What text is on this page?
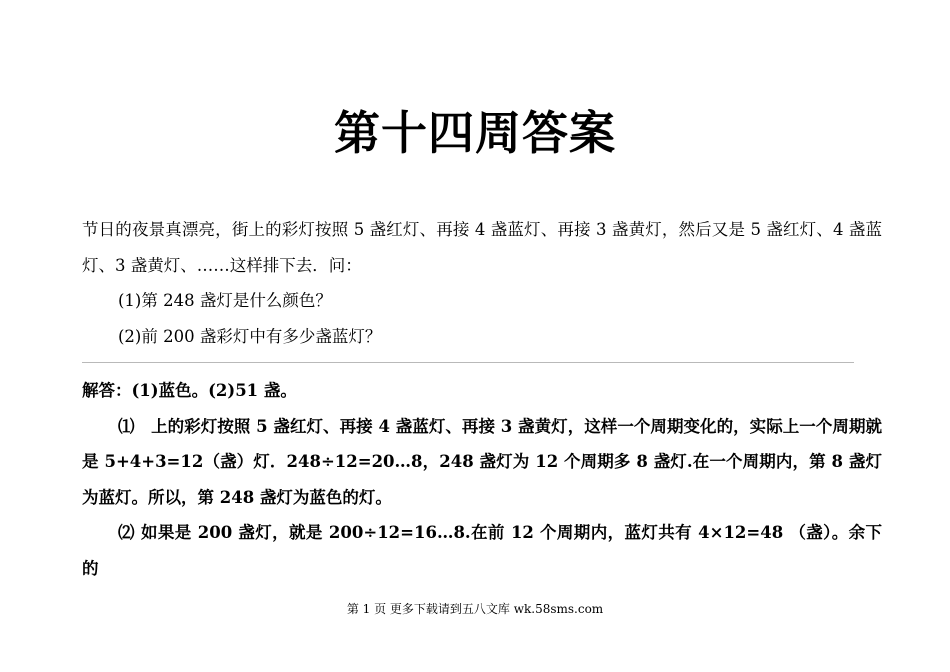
第十四周答案

节日的夜景真漂亮，街上的彩灯按照 5 盏红灯、再接 4 盏蓝灯、再接 3 盏黄灯，然后又是 5 盏红灯、4 盏蓝灯、3 盏黄灯、……这样排下去．问：

(1)第 248 盏灯是什么颜色？

(2)前 200 盏彩灯中有多少盏蓝灯？

解答：(1)蓝色。(2)51 盏。

⑴　上的彩灯按照 5 盏红灯、再接 4 盏蓝灯、再接 3 盏黄灯，这样一个周期变化的，实际上一个周期就是 5+4+3=12（盏）灯．248÷12=20…8，248 盏灯为 12 个周期多 8 盏灯.在一个周期内，第 8 盏灯为蓝灯。所以，第 248 盏灯为蓝色的灯。

⑵ 如果是 200 盏灯，就是 200÷12=16…8.在前 12 个周期内，蓝灯共有 4×12=48 （盏）。余下的

第 1 页 更多下载请到五八文库 wk.58sms.com
